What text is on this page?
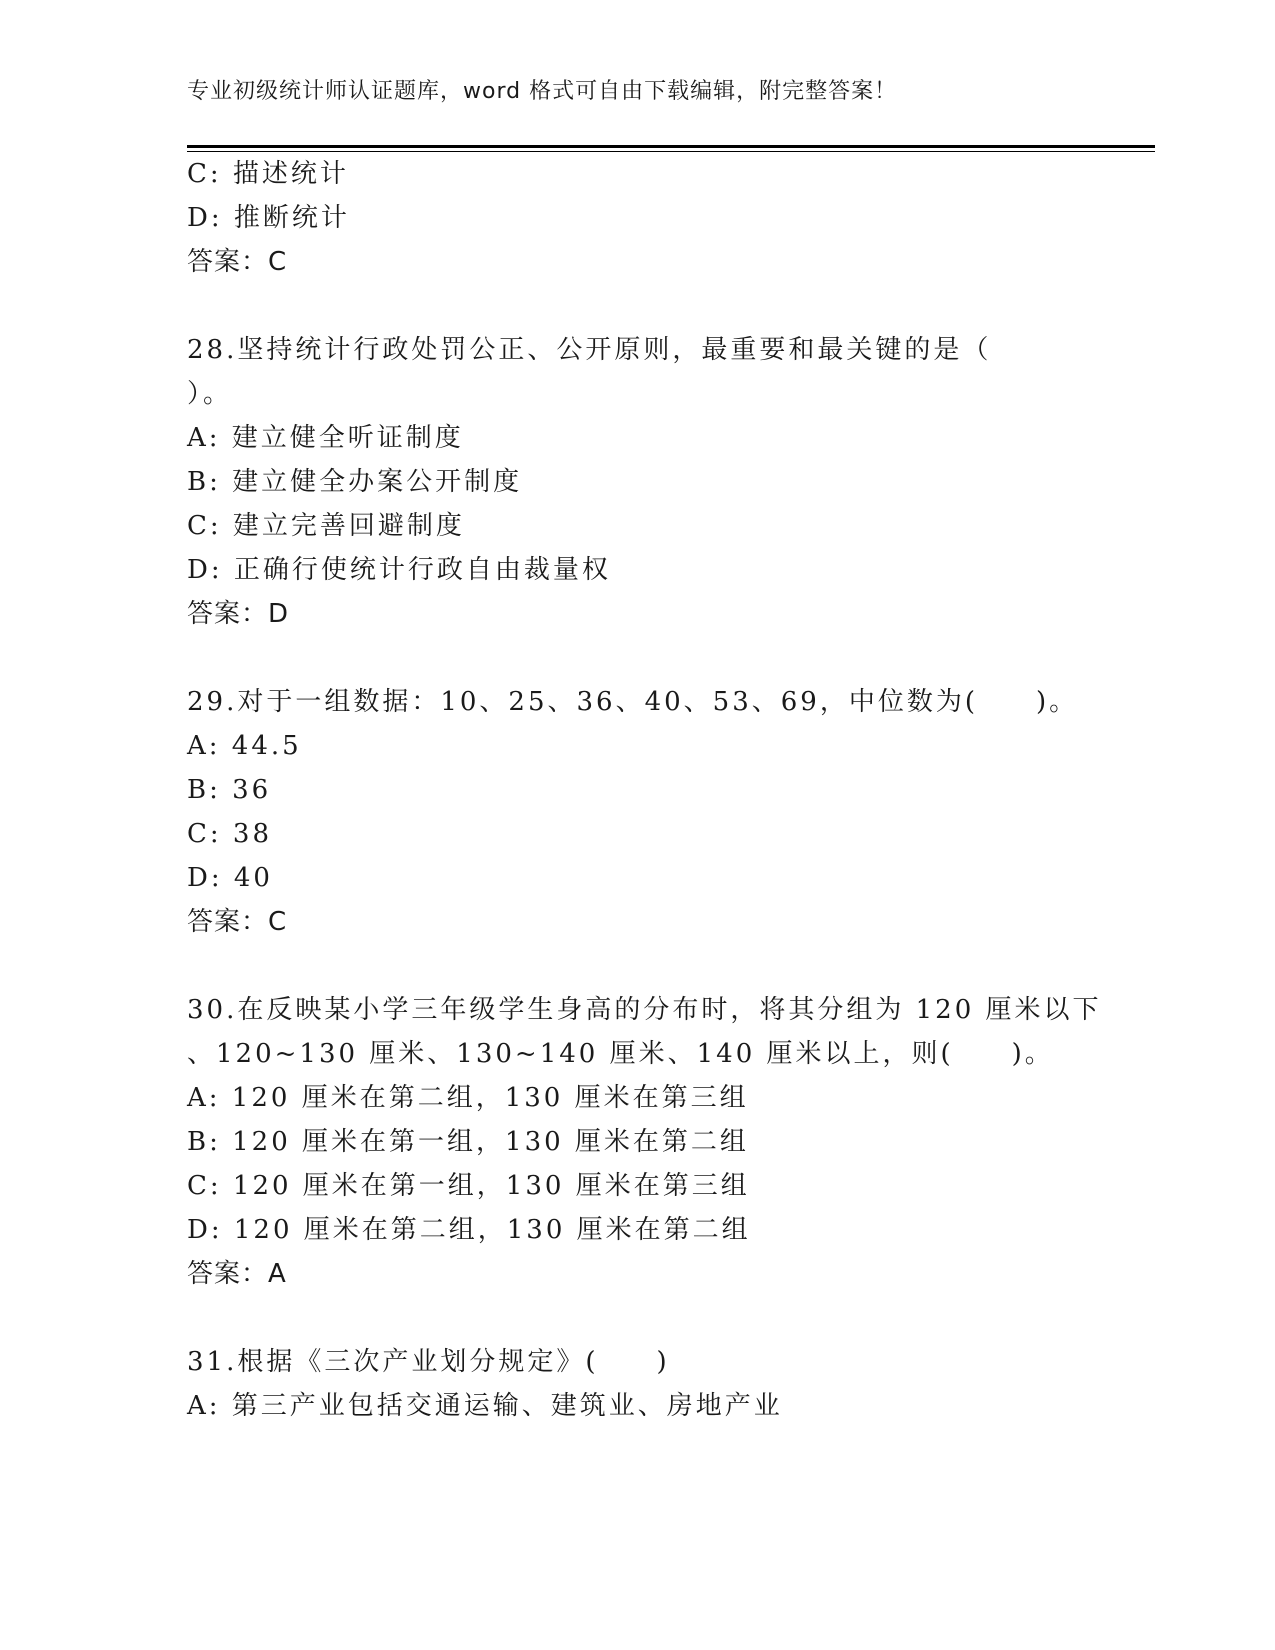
专业初级统计师认证题库，word 格式可自由下载编辑，附完整答案！
C: 描述统计
D: 推断统计
答案：C
28.坚持统计行政处罚公正、公开原则，最重要和最关键的是（
）。
A: 建立健全听证制度
B: 建立健全办案公开制度
C: 建立完善回避制度
D: 正确行使统计行政自由裁量权
答案：D
29.对于一组数据：10、25、36、40、53、69，中位数为(　　)。
A: 44.5
B: 36
C: 38
D: 40
答案：C
30.在反映某小学三年级学生身高的分布时，将其分组为 120 厘米以下
、120~130 厘米、130~140 厘米、140 厘米以上，则(　　)。
A: 120 厘米在第二组，130 厘米在第三组
B: 120 厘米在第一组，130 厘米在第二组
C: 120 厘米在第一组，130 厘米在第三组
D: 120 厘米在第二组，130 厘米在第二组
答案：A
31.根据《三次产业划分规定》(　　)
A: 第三产业包括交通运输、建筑业、房地产业
